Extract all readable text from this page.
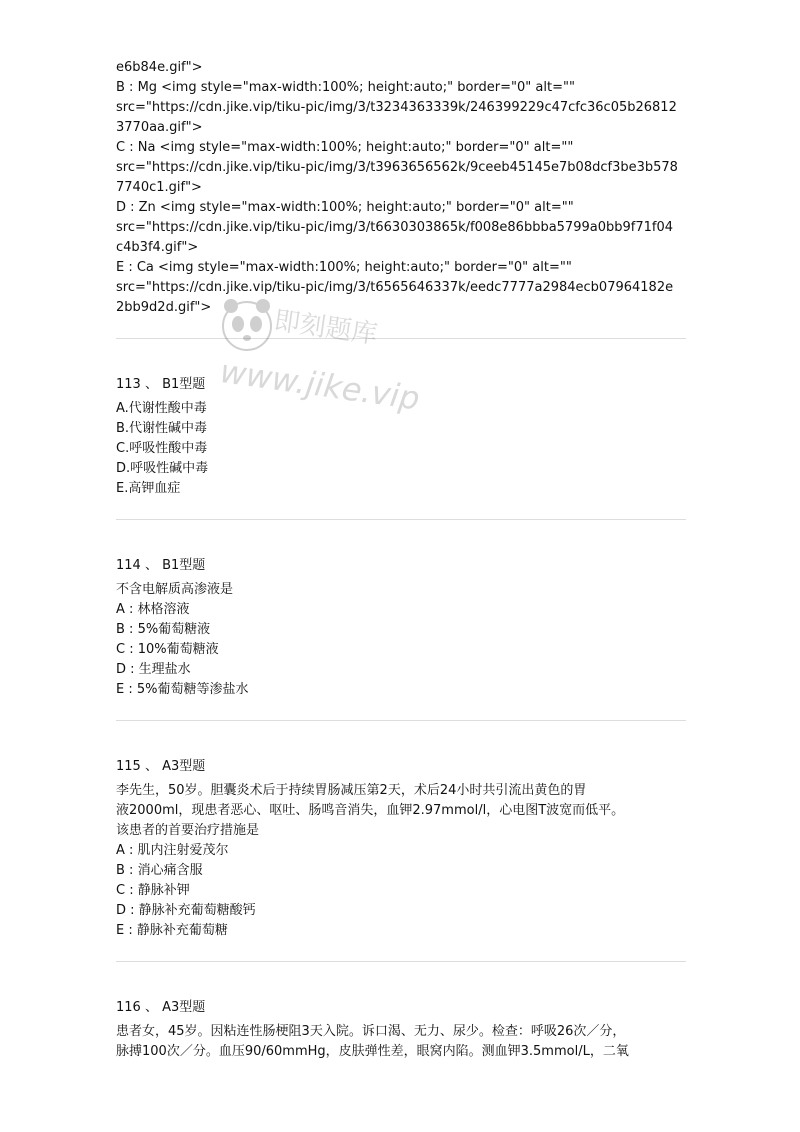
e6b84e.gif">
B : Mg <img style="max-width:100%; height:auto;" border="0" alt=""
src="https://cdn.jike.vip/tiku-pic/img/3/t3234363339k/246399229c47cfc36c05b26812
3770aa.gif">
C : Na <img style="max-width:100%; height:auto;" border="0" alt=""
src="https://cdn.jike.vip/tiku-pic/img/3/t3963656562k/9ceeb45145e7b08dcf3be3b578
7740c1.gif">
D : Zn <img style="max-width:100%; height:auto;" border="0" alt=""
src="https://cdn.jike.vip/tiku-pic/img/3/t6630303865k/f008e86bbba5799a0bb9f71f04
c4b3f4.gif">
E : Ca <img style="max-width:100%; height:auto;" border="0" alt=""
src="https://cdn.jike.vip/tiku-pic/img/3/t6565646337k/eedc7777a2984ecb07964182e
2bb9d2d.gif">
113 、 B1型题
A.代谢性酸中毒
B.代谢性碱中毒
C.呼吸性酸中毒
D.呼吸性碱中毒
E.高钾血症
114 、 B1型题
不含电解质高渗液是
A : 林格溶液
B : 5%葡萄糖液
C : 10%葡萄糖液
D : 生理盐水
E : 5%葡萄糖等渗盐水
115 、 A3型题
李先生，50岁。胆囊炎术后于持续胃肠减压第2天，术后24小时共引流出黄色的胃
液2000ml，现患者恶心、呕吐、肠鸣音消失，血钾2.97mmol/l，心电图T波宽而低平。
该患者的首要治疗措施是
A : 肌内注射爱茂尔
B : 消心痛含服
C : 静脉补钾
D : 静脉补充葡萄糖酸钙
E : 静脉补充葡萄糖
116 、 A3型题
患者女，45岁。因粘连性肠梗阻3天入院。诉口渴、无力、尿少。检查：呼吸26次／分，
脉搏100次／分。血压90/60mmHg，皮肤弹性差，眼窝内陷。测血钾3.5mmol/L，二氧
即刻题库
www.jike.vip
